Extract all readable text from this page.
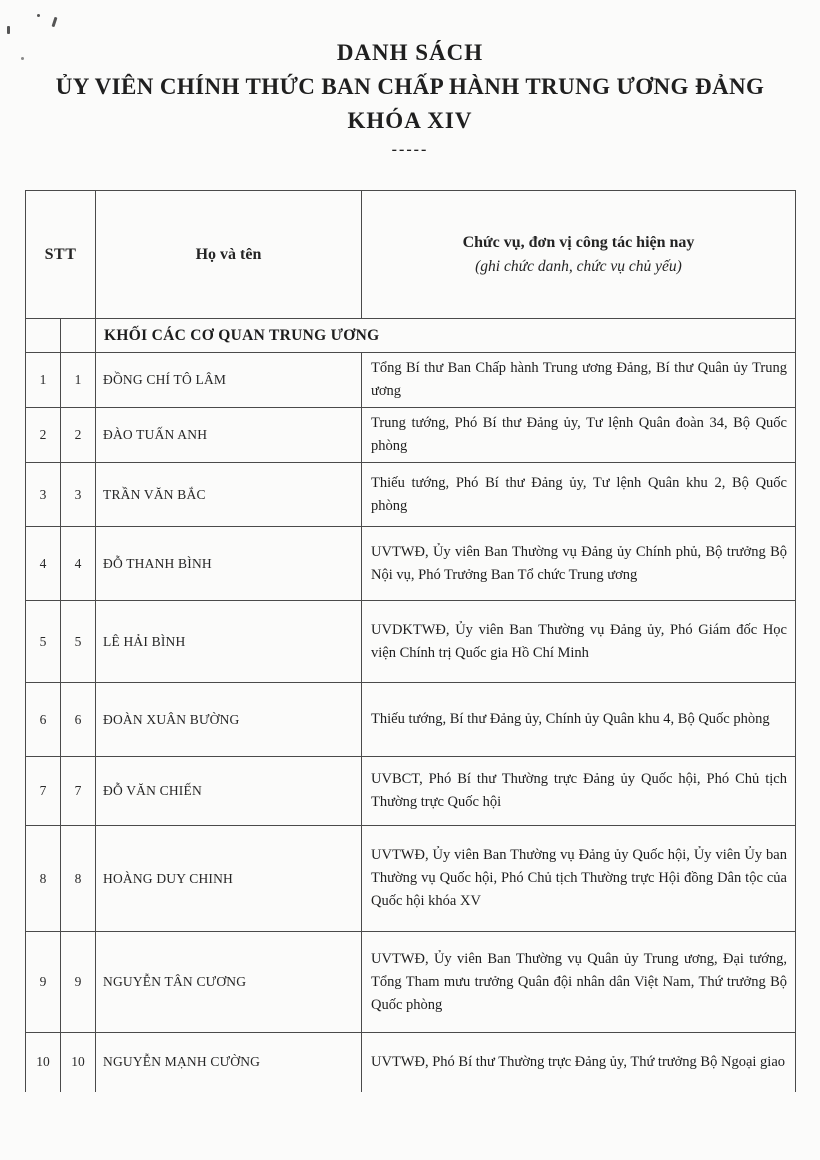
DANH SÁCH
ỦY VIÊN CHÍNH THỨC BAN CHẤP HÀNH TRUNG ƯƠNG ĐẢNG
KHÓA XIV
-----
STT		Họ và tên	Chức vụ, đơn vị công tác hiện nay
(ghi chức danh, chức vụ chủ yếu)

		KHỐI CÁC CƠ QUAN TRUNG ƯƠNG	
1	1	ĐỒNG CHÍ TÔ LÂM	Tổng Bí thư Ban Chấp hành Trung ương Đảng, Bí thư Quân ủy Trung ương
2	2	ĐÀO TUẤN ANH	Trung tướng, Phó Bí thư Đảng ủy, Tư lệnh Quân đoàn 34, Bộ Quốc phòng
3	3	TRẦN VĂN BẮC	Thiếu tướng, Phó Bí thư Đảng ủy, Tư lệnh Quân khu 2, Bộ Quốc phòng
4	4	ĐỖ THANH BÌNH	UVTWĐ, Ủy viên Ban Thường vụ Đảng ủy Chính phủ, Bộ trưởng Bộ Nội vụ, Phó Trưởng Ban Tổ chức Trung ương
5	5	LÊ HẢI BÌNH	UVDKTWĐ, Ủy viên Ban Thường vụ Đảng ủy, Phó Giám đốc Học viện Chính trị Quốc gia Hồ Chí Minh
6	6	ĐOÀN XUÂN BƯỜNG	Thiếu tướng, Bí thư Đảng ủy, Chính ủy Quân khu 4, Bộ Quốc phòng
7	7	ĐỖ VĂN CHIẾN	UVBCT, Phó Bí thư Thường trực Đảng ủy Quốc hội, Phó Chủ tịch Thường trực Quốc hội
8	8	HOÀNG DUY CHINH	UVTWĐ, Ủy viên Ban Thường vụ Đảng ủy Quốc hội, Ủy viên Ủy ban Thường vụ Quốc hội, Phó Chủ tịch Thường trực Hội đồng Dân tộc của Quốc hội khóa XV
9	9	NGUYỄN TÂN CƯƠNG	UVTWĐ, Ủy viên Ban Thường vụ Quân ủy Trung ương, Đại tướng, Tổng Tham mưu trưởng Quân đội nhân dân Việt Nam, Thứ trưởng Bộ Quốc phòng
10	10	NGUYỄN MẠNH CƯỜNG	UVTWĐ, Phó Bí thư Thường trực Đảng ủy, Thứ trưởng Bộ Ngoại giao
